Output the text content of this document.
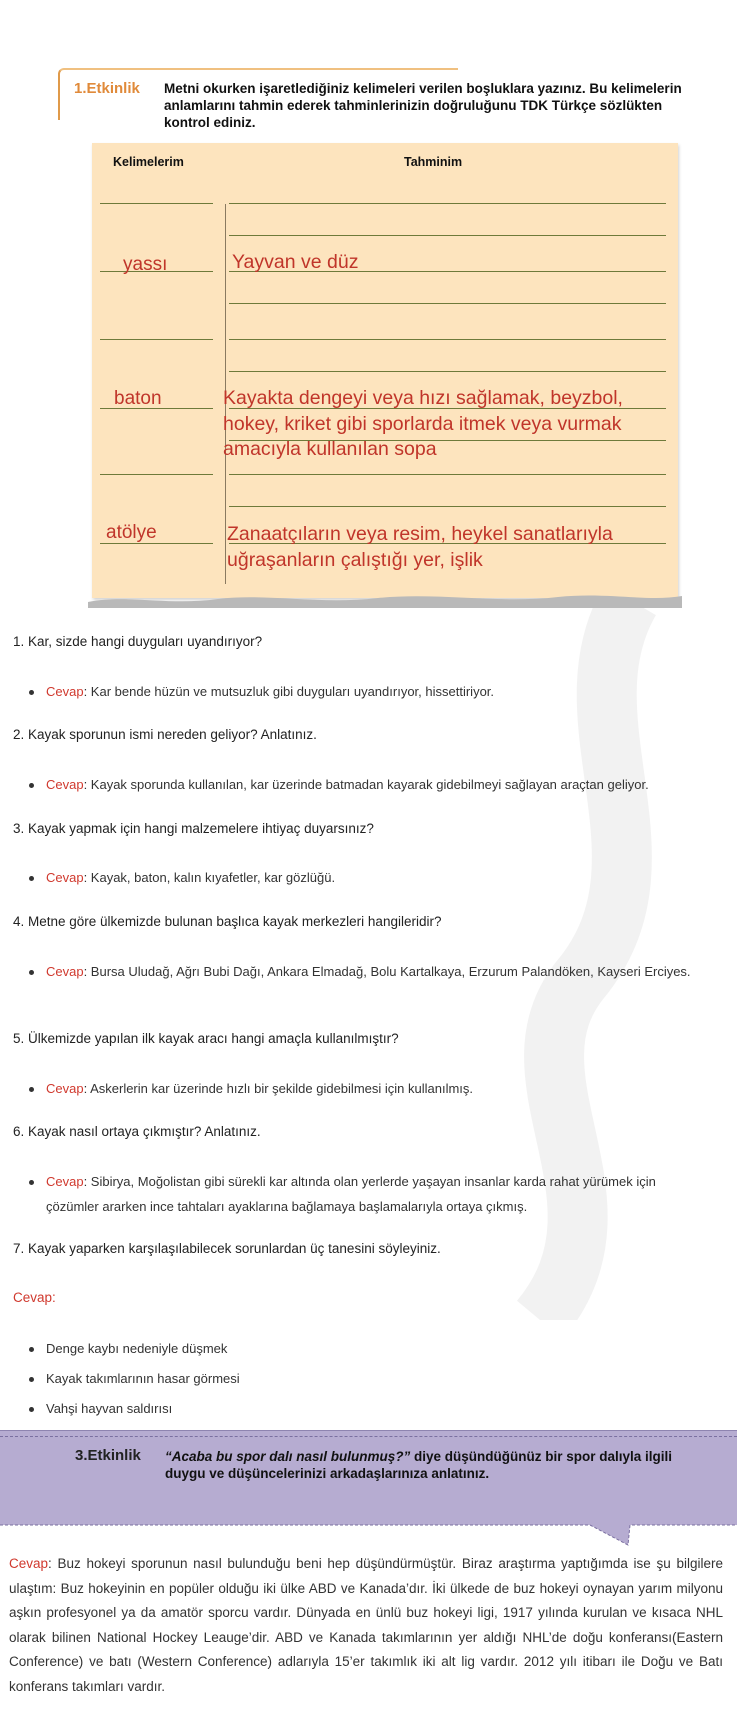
1.Etkinlik Metni okurken işaretlediğiniz kelimeleri verilen boşluklara yazınız. Bu kelimelerin anlamlarını tahmin ederek tahminlerinizin doğruluğunu TDK Türkçe sözlükten kontrol ediniz.
Kelimelerim	Tahminim
yassı	Yayvan ve düz
baton	Kayakta dengeyi veya hızı sağlamak, beyzbol,
hokey, kriket gibi sporlarda itmek veya vurmak
amacıyla kullanılan sopa
atölye	Zanaatçıların veya resim, heykel sanatlarıyla
uğraşanların çalıştığı yer, işlik
1. Kar, sizde hangi duyguları uyandırıyor?
Cevap: Kar bende hüzün ve mutsuzluk gibi duyguları uyandırıyor, hissettiriyor.
2. Kayak sporunun ismi nereden geliyor? Anlatınız.
Cevap: Kayak sporunda kullanılan, kar üzerinde batmadan kayarak gidebilmeyi sağlayan araçtan geliyor.
3. Kayak yapmak için hangi malzemelere ihtiyaç duyarsınız?
Cevap: Kayak, baton, kalın kıyafetler, kar gözlüğü.
4. Metne göre ülkemizde bulunan başlıca kayak merkezleri hangileridir?
Cevap: Bursa Uludağ, Ağrı Bubi Dağı, Ankara Elmadağ, Bolu Kartalkaya, Erzurum Palandöken, Kayseri Erciyes.
5. Ülkemizde yapılan ilk kayak aracı hangi amaçla kullanılmıştır?
Cevap: Askerlerin kar üzerinde hızlı bir şekilde gidebilmesi için kullanılmış.
6. Kayak nasıl ortaya çıkmıştır? Anlatınız.
Cevap: Sibirya, Moğolistan gibi sürekli kar altında olan yerlerde yaşayan insanlar karda rahat yürümek için çözümler ararken ince tahtaları ayaklarına bağlamaya başlamalarıyla ortaya çıkmış.
7. Kayak yaparken karşılaşılabilecek sorunlardan üç tanesini söyleyiniz.
Cevap:
Denge kaybı nedeniyle düşmek
Kayak takımlarının hasar görmesi
Vahşi hayvan saldırısı
3.Etkinlik “Acaba bu spor dalı nasıl bulunmuş?” diye düşündüğünüz bir spor dalıyla ilgili duygu ve düşüncelerinizi arkadaşlarınıza anlatınız.
Cevap: Buz hokeyi sporunun nasıl bulunduğu beni hep düşündürmüştür. Biraz araştırma yaptığımda ise şu bilgilere ulaştım: Buz hokeyinin en popüler olduğu iki ülke ABD ve Kanada’dır. İki ülkede de buz hokeyi oynayan yarım milyonu aşkın profesyonel ya da amatör sporcu vardır. Dünyada en ünlü buz hokeyi ligi, 1917 yılında kurulan ve kısaca NHL olarak bilinen National Hockey Leauge’dir. ABD ve Kanada takımlarının yer aldığı NHL’de doğu konferansı(Eastern Conference) ve batı (Western Conference) adlarıyla 15’er takımlık iki alt lig vardır. 2012 yılı itibarı ile Doğu ve Batı konferans takımları vardır.
